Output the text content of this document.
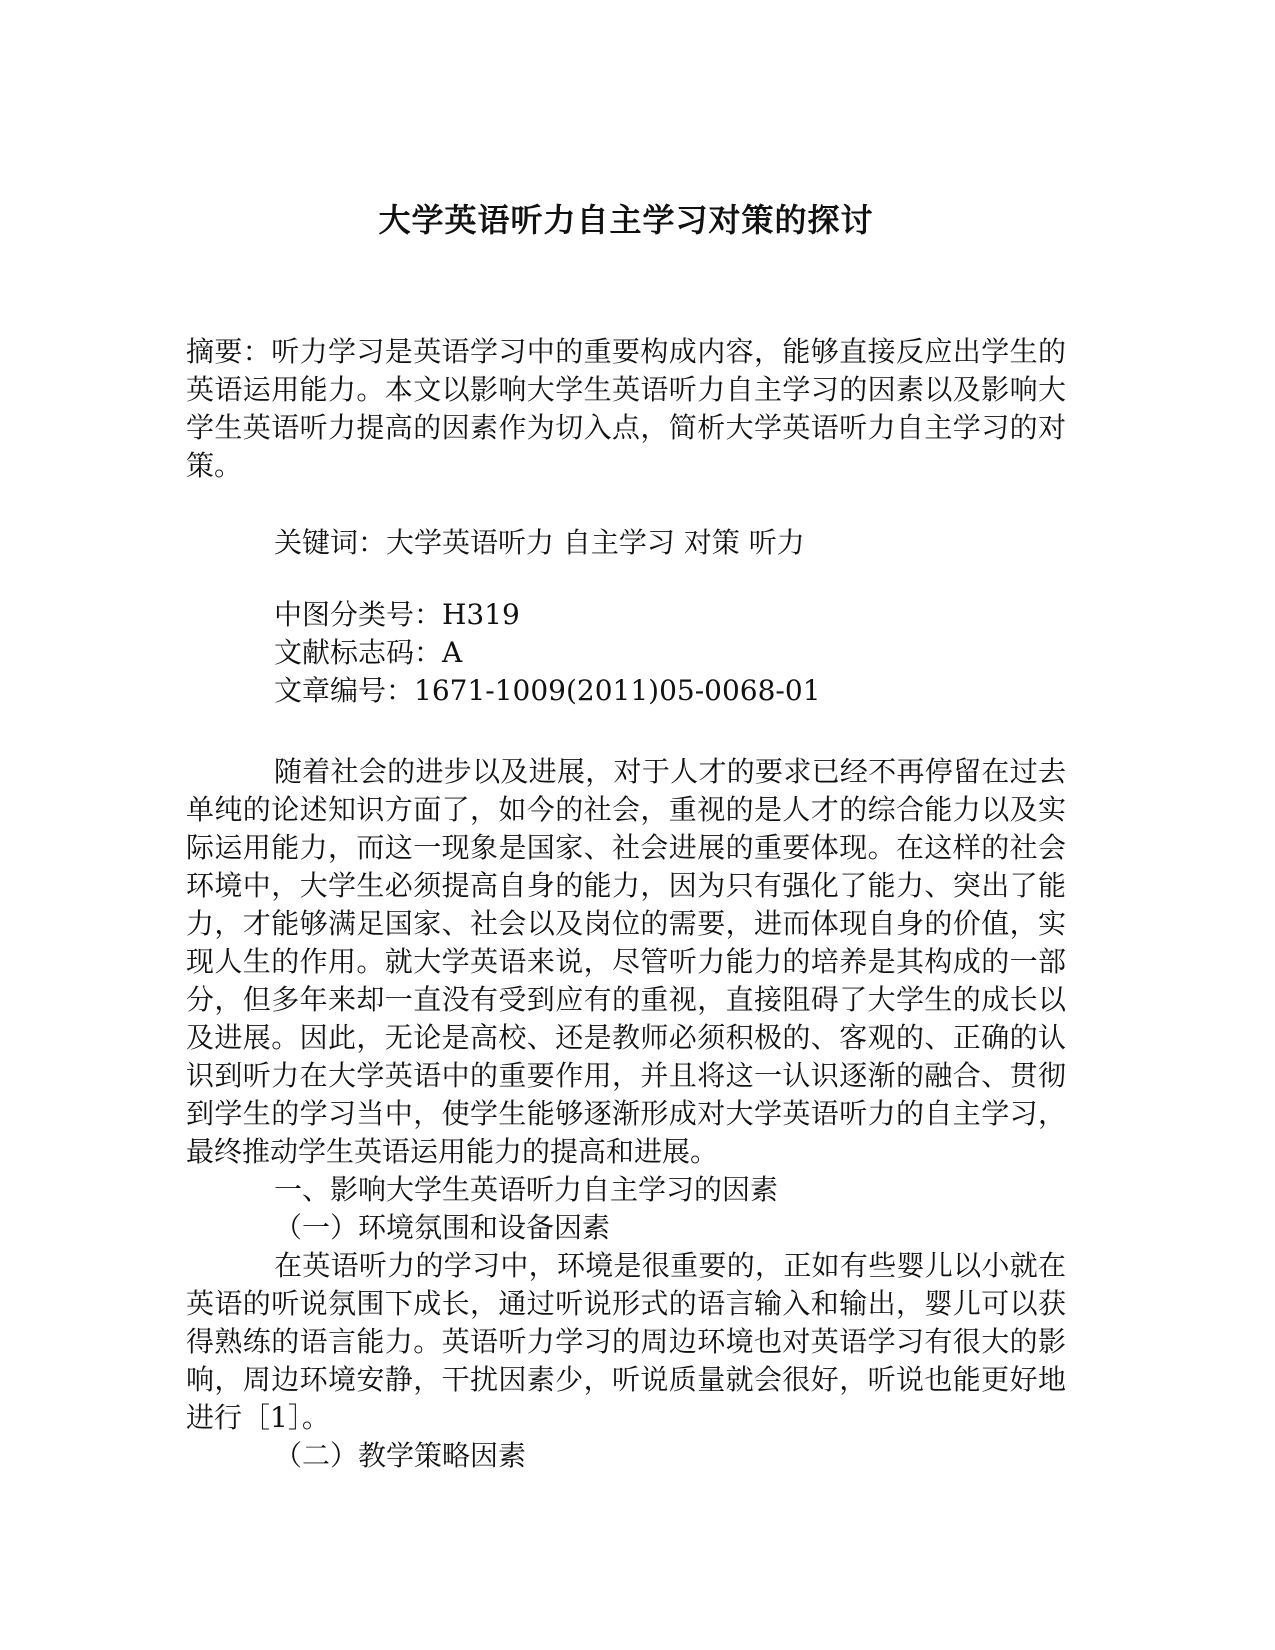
大学英语听力自主学习对策的探讨

摘要：听力学习是英语学习中的重要构成内容，能够直接反应出学生的英语运用能力。本文以影响大学生英语听力自主学习的因素以及影响大学生英语听力提高的因素作为切入点，简析大学英语听力自主学习的对策。

关键词：大学英语听力 自主学习 对策 听力
中图分类号：H319
文献标志码：A
文章编号：1671-1009(2011)05-0068-01

随着社会的进步以及进展，对于人才的要求已经不再停留在过去单纯的论述知识方面了，如今的社会，重视的是人才的综合能力以及实际运用能力，而这一现象是国家、社会进展的重要体现。在这样的社会环境中，大学生必须提高自身的能力，因为只有强化了能力、突出了能力，才能够满足国家、社会以及岗位的需要，进而体现自身的价值，实现人生的作用。就大学英语来说，尽管听力能力的培养是其构成的一部分，但多年来却一直没有受到应有的重视，直接阻碍了大学生的成长以及进展。因此，无论是高校、还是教师必须积极的、客观的、正确的认识到听力在大学英语中的重要作用，并且将这一认识逐渐的融合、贯彻到学生的学习当中，使学生能够逐渐形成对大学英语听力的自主学习，最终推动学生英语运用能力的提高和进展。

一、影响大学生英语听力自主学习的因素

（一）环境氛围和设备因素

在英语听力的学习中，环境是很重要的，正如有些婴儿以小就在英语的听说氛围下成长，通过听说形式的语言输入和输出，婴儿可以获得熟练的语言能力。英语听力学习的周边环境也对英语学习有很大的影响，周边环境安静，干扰因素少，听说质量就会很好，听说也能更好地进行［1］。

（二）教学策略因素
